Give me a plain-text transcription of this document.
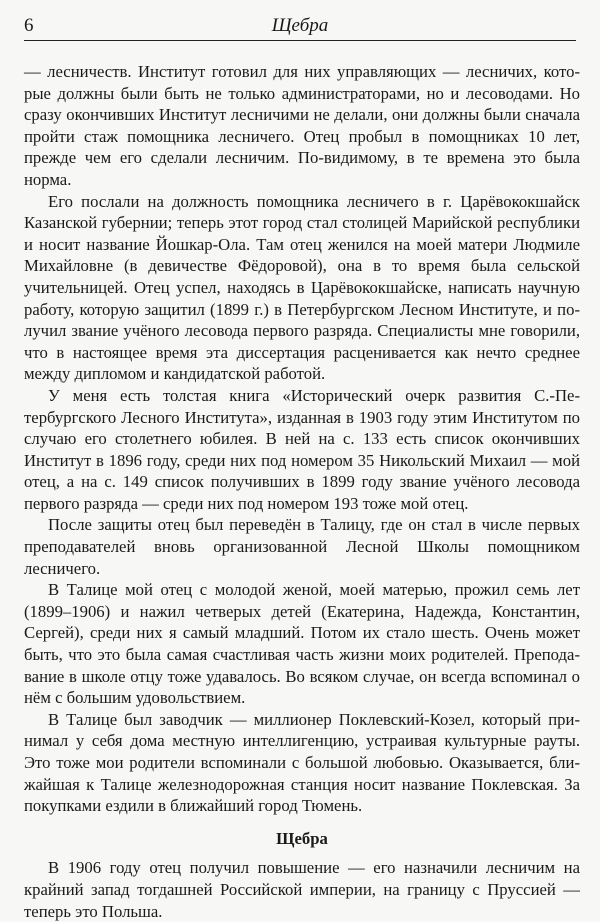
6	Щебра

— лесничеств. Институт готовил для них управляющих — лесничих, которые должны были быть не только администраторами, но и лесоводами. Но сразу окончивших Институт лесничими не делали, они должны были сначала пройти стаж помощника лесничего. Отец пробыл в помощниках 10 лет, прежде чем его сделали лесничим. По-видимому, в те времена это была норма.

Его послали на должность помощника лесничего в г. Царёвококшайск Казанской губернии; теперь этот город стал столицей Марийской республики и носит название Йошкар-Ола. Там отец женился на моей матери Людмиле Михайловне (в девичестве Фёдоровой), она в то время была сельской учительницей. Отец успел, находясь в Царёвококшайске, написать научную работу, которую защитил (1899 г.) в Петербургском Лесном Институте, и получил звание учёного лесовода первого разряда. Специалисты мне говорили, что в настоящее время эта диссертация расценивается как нечто среднее между дипломом и кандидатской работой.

У меня есть толстая книга «Исторический очерк развития С.-Петербургского Лесного Института», изданная в 1903 году этим Институтом по случаю его столетнего юбилея. В ней на с. 133 есть список окончивших Институт в 1896 году, среди них под номером 35 Никольский Михаил — мой отец, а на с. 149 список получивших в 1899 году звание учёного лесовода первого разряда — среди них под номером 193 тоже мой отец.

После защиты отец был переведён в Талицу, где он стал в числе первых преподавателей вновь организованной Лесной Школы помощником лесничего.

В Талице мой отец с молодой женой, моей матерью, прожил семь лет (1899–1906) и нажил четверых детей (Екатерина, Надежда, Константин, Сергей), среди них я самый младший. Потом их стало шесть. Очень может быть, что это была самая счастливая часть жизни моих родителей. Преподавание в школе отцу тоже удавалось. Во всяком случае, он всегда вспоминал о нём с большим удовольствием.

В Талице был заводчик — миллионер Поклевский-Козел, который принимал у себя дома местную интеллигенцию, устраивая культурные рауты. Это тоже мои родители вспоминали с большой любовью. Оказывается, ближайшая к Талице железнодорожная станция носит название Поклевская. За покупками ездили в ближайший город Тюмень.

Щебра

В 1906 году отец получил повышение — его назначили лесничим на крайний запад тогдашней Российской империи, на границу с Пруссией — теперь это Польша.
